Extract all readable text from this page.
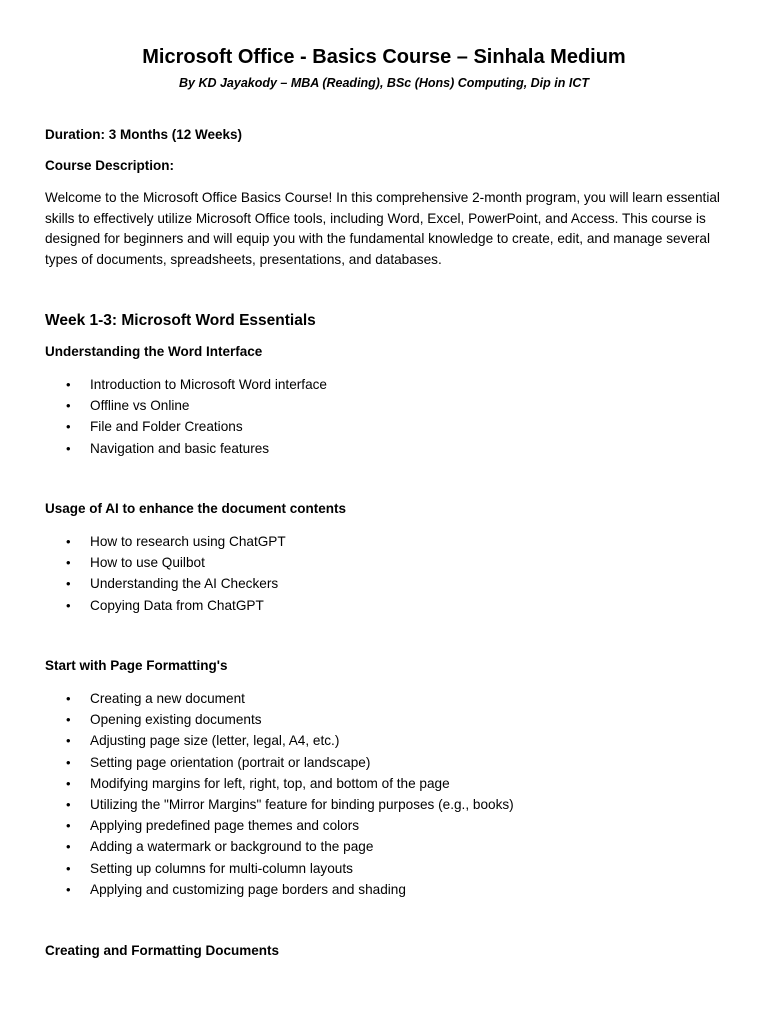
Microsoft Office - Basics Course – Sinhala Medium

By KD Jayakody – MBA (Reading), BSc (Hons) Computing, Dip in ICT

Duration: 3 Months (12 Weeks)

Course Description:

Welcome to the Microsoft Office Basics Course! In this comprehensive 2-month program, you will learn essential
skills to effectively utilize Microsoft Office tools, including Word, Excel, PowerPoint, and Access. This course is
designed for beginners and will equip you with the fundamental knowledge to create, edit, and manage several
types of documents, spreadsheets, presentations, and databases.

Week 1-3: Microsoft Word Essentials
Understanding the Word Interface
• Introduction to Microsoft Word interface
• Offline vs Online
• File and Folder Creations
• Navigation and basic features
Usage of AI to enhance the document contents
• How to research using ChatGPT
• How to use Quilbot
• Understanding the AI Checkers
• Copying Data from ChatGPT
Start with Page Formatting's
• Creating a new document
• Opening existing documents
• Adjusting page size (letter, legal, A4, etc.)
• Setting page orientation (portrait or landscape)
• Modifying margins for left, right, top, and bottom of the page
• Utilizing the "Mirror Margins" feature for binding purposes (e.g., books)
• Applying predefined page themes and colors
• Adding a watermark or background to the page
• Setting up columns for multi-column layouts
• Applying and customizing page borders and shading
Creating and Formatting Documents
